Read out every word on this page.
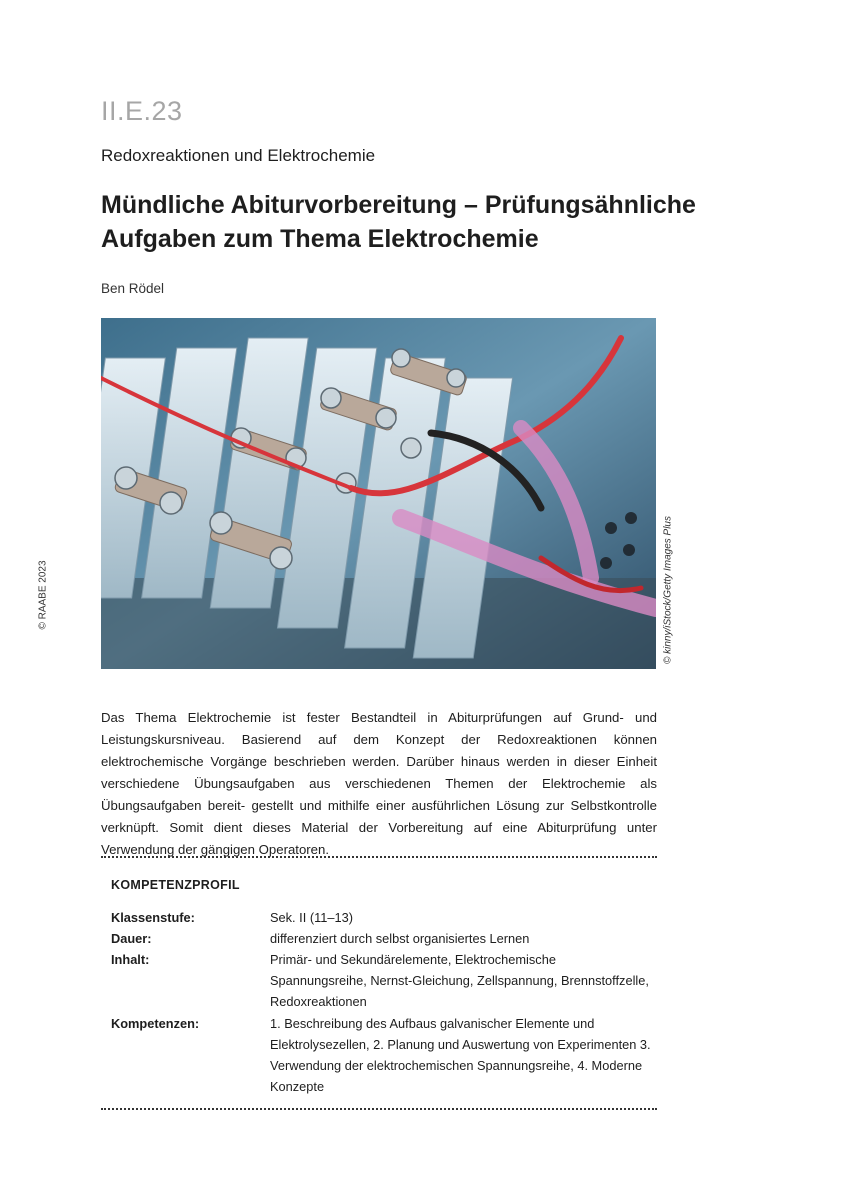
II.E.23
Redoxreaktionen und Elektrochemie
Mündliche Abiturvorbereitung – Prüfungsähnliche
Aufgaben zum Thema Elektrochemie
Ben Rödel
© RAABE 2023	© kinny/iStock/Getty Images Plus

Das Thema Elektrochemie ist fester Bestandteil in Abiturprüfungen auf Grund- und Leistungskursniveau. Basierend auf dem Konzept der Redoxreaktionen können elektrochemische Vorgänge beschrieben werden. Darüber hinaus werden in dieser Einheit verschiedene Übungsaufgaben aus verschiedenen Themen der Elektrochemie als Übungsaufgaben bereit- gestellt und mithilfe einer ausführlichen Lösung zur Selbstkontrolle verknüpft. Somit dient dieses Material der Vorbereitung auf eine Abiturprüfung unter Verwendung der gängigen Operatoren.

KOMPETENZPROFIL
Klassenstufe:	Sek. II (11–13)
Dauer:	differenziert durch selbst organisiertes Lernen
Inhalt:	Primär- und Sekundärelemente, Elektrochemische Spannungsreihe, Nernst-Gleichung, Zellspannung, Brennstoffzelle, Redoxreaktionen
Kompetenzen:	1. Beschreibung des Aufbaus galvanischer Elemente und Elektrolysezellen, 2. Planung und Auswertung von Experimenten 3. Verwendung der elektrochemischen Spannungsreihe, 4. Moderne Konzepte
